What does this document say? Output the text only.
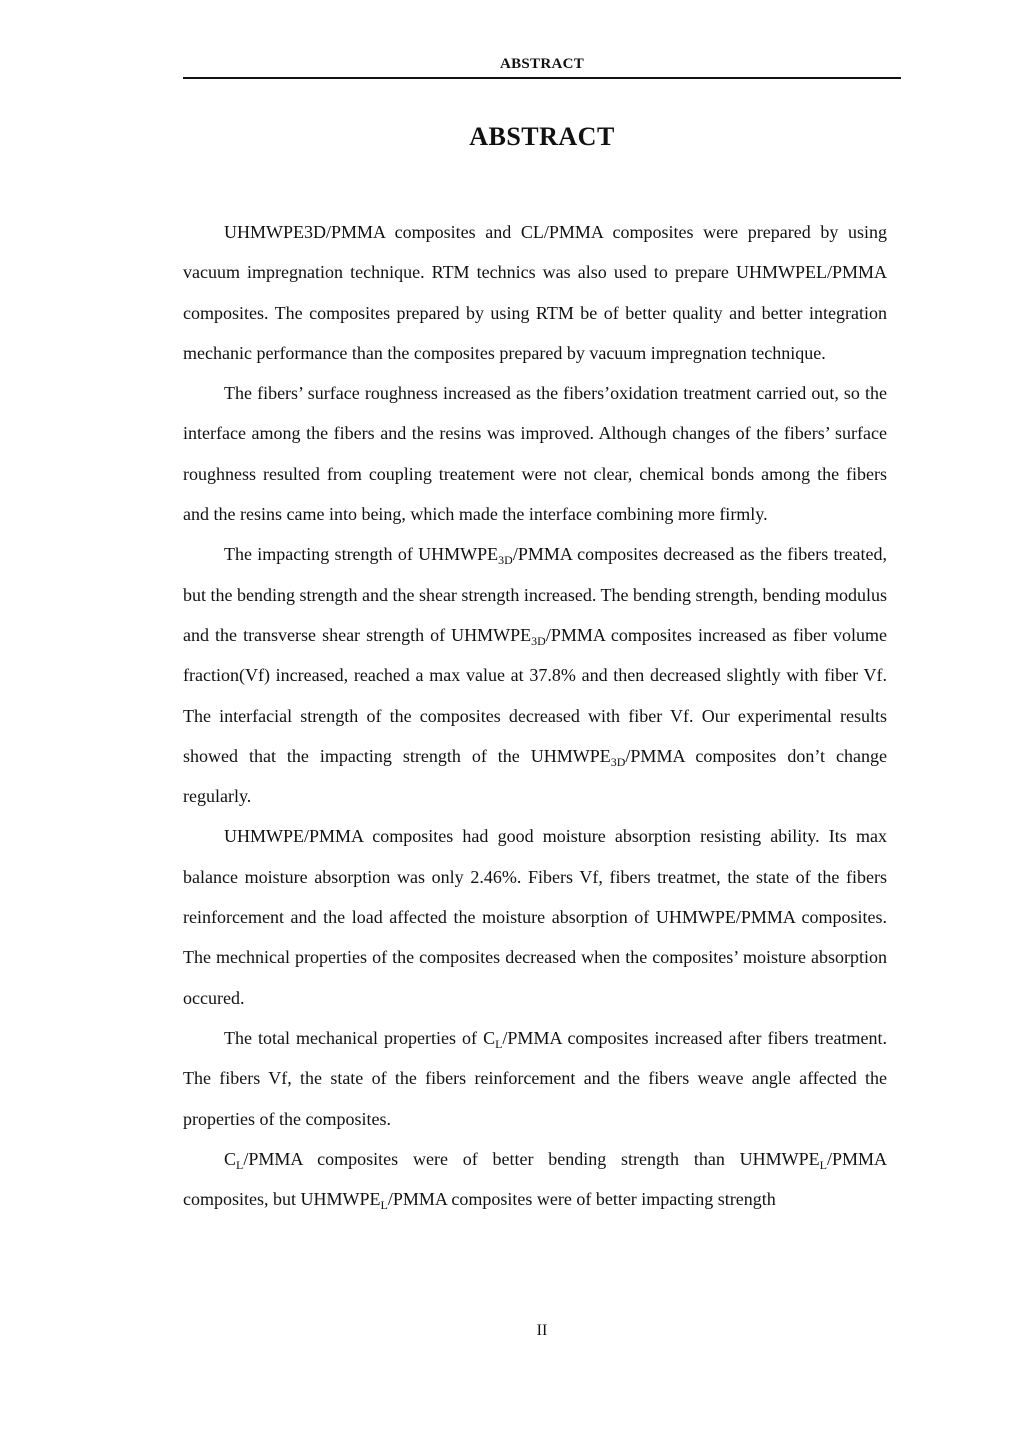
ABSTRACT
ABSTRACT

UHMWPE3D/PMMA composites and CL/PMMA composites were prepared by using vacuum impregnation technique. RTM technics was also used to prepare UHMWPEL/PMMA composites. The composites prepared by using RTM be of better quality and better integration mechanic performance than the composites prepared by vacuum impregnation technique.

The fibers’ surface roughness increased as the fibers’oxidation treatment carried out, so the interface among the fibers and the resins was improved. Although changes of the fibers’ surface roughness resulted from coupling treatement were not clear, chemical bonds among the fibers and the resins came into being, which made the interface combining more firmly.

The impacting strength of $UHMWPE_{3D}$/PMMA composites decreased as the fibers treated, but the bending strength and the shear strength increased. The bending strength, bending modulus and the transverse shear strength of $UHMWPE_{3D}$/PMMA composites increased as fiber volume fraction(Vf) increased, reached a max value at 37.8% and then decreased slightly with fiber Vf. The interfacial strength of the composites decreased with fiber Vf. Our experimental results showed that the impacting strength of the $UHMWPE_{3D}$/PMMA composites don’t change regularly.

UHMWPE/PMMA composites had good moisture absorption resisting ability. Its max balance moisture absorption was only 2.46%. Fibers Vf, fibers treatmet, the state of the fibers reinforcement and the load affected the moisture absorption of UHMWPE/PMMA composites. The mechnical properties of the composites decreased when the composites’ moisture absorption occured.

The total mechanical properties of $C_L$/PMMA composites increased after fibers treatment. The fibers Vf, the state of the fibers reinforcement and the fibers weave angle affected the properties of the composites.

$C_L$/PMMA composites were of better bending strength than $UHMWPE_L$/PMMA composites, but $UHMWPE_L$/PMMA composites were of better impacting strength

II
